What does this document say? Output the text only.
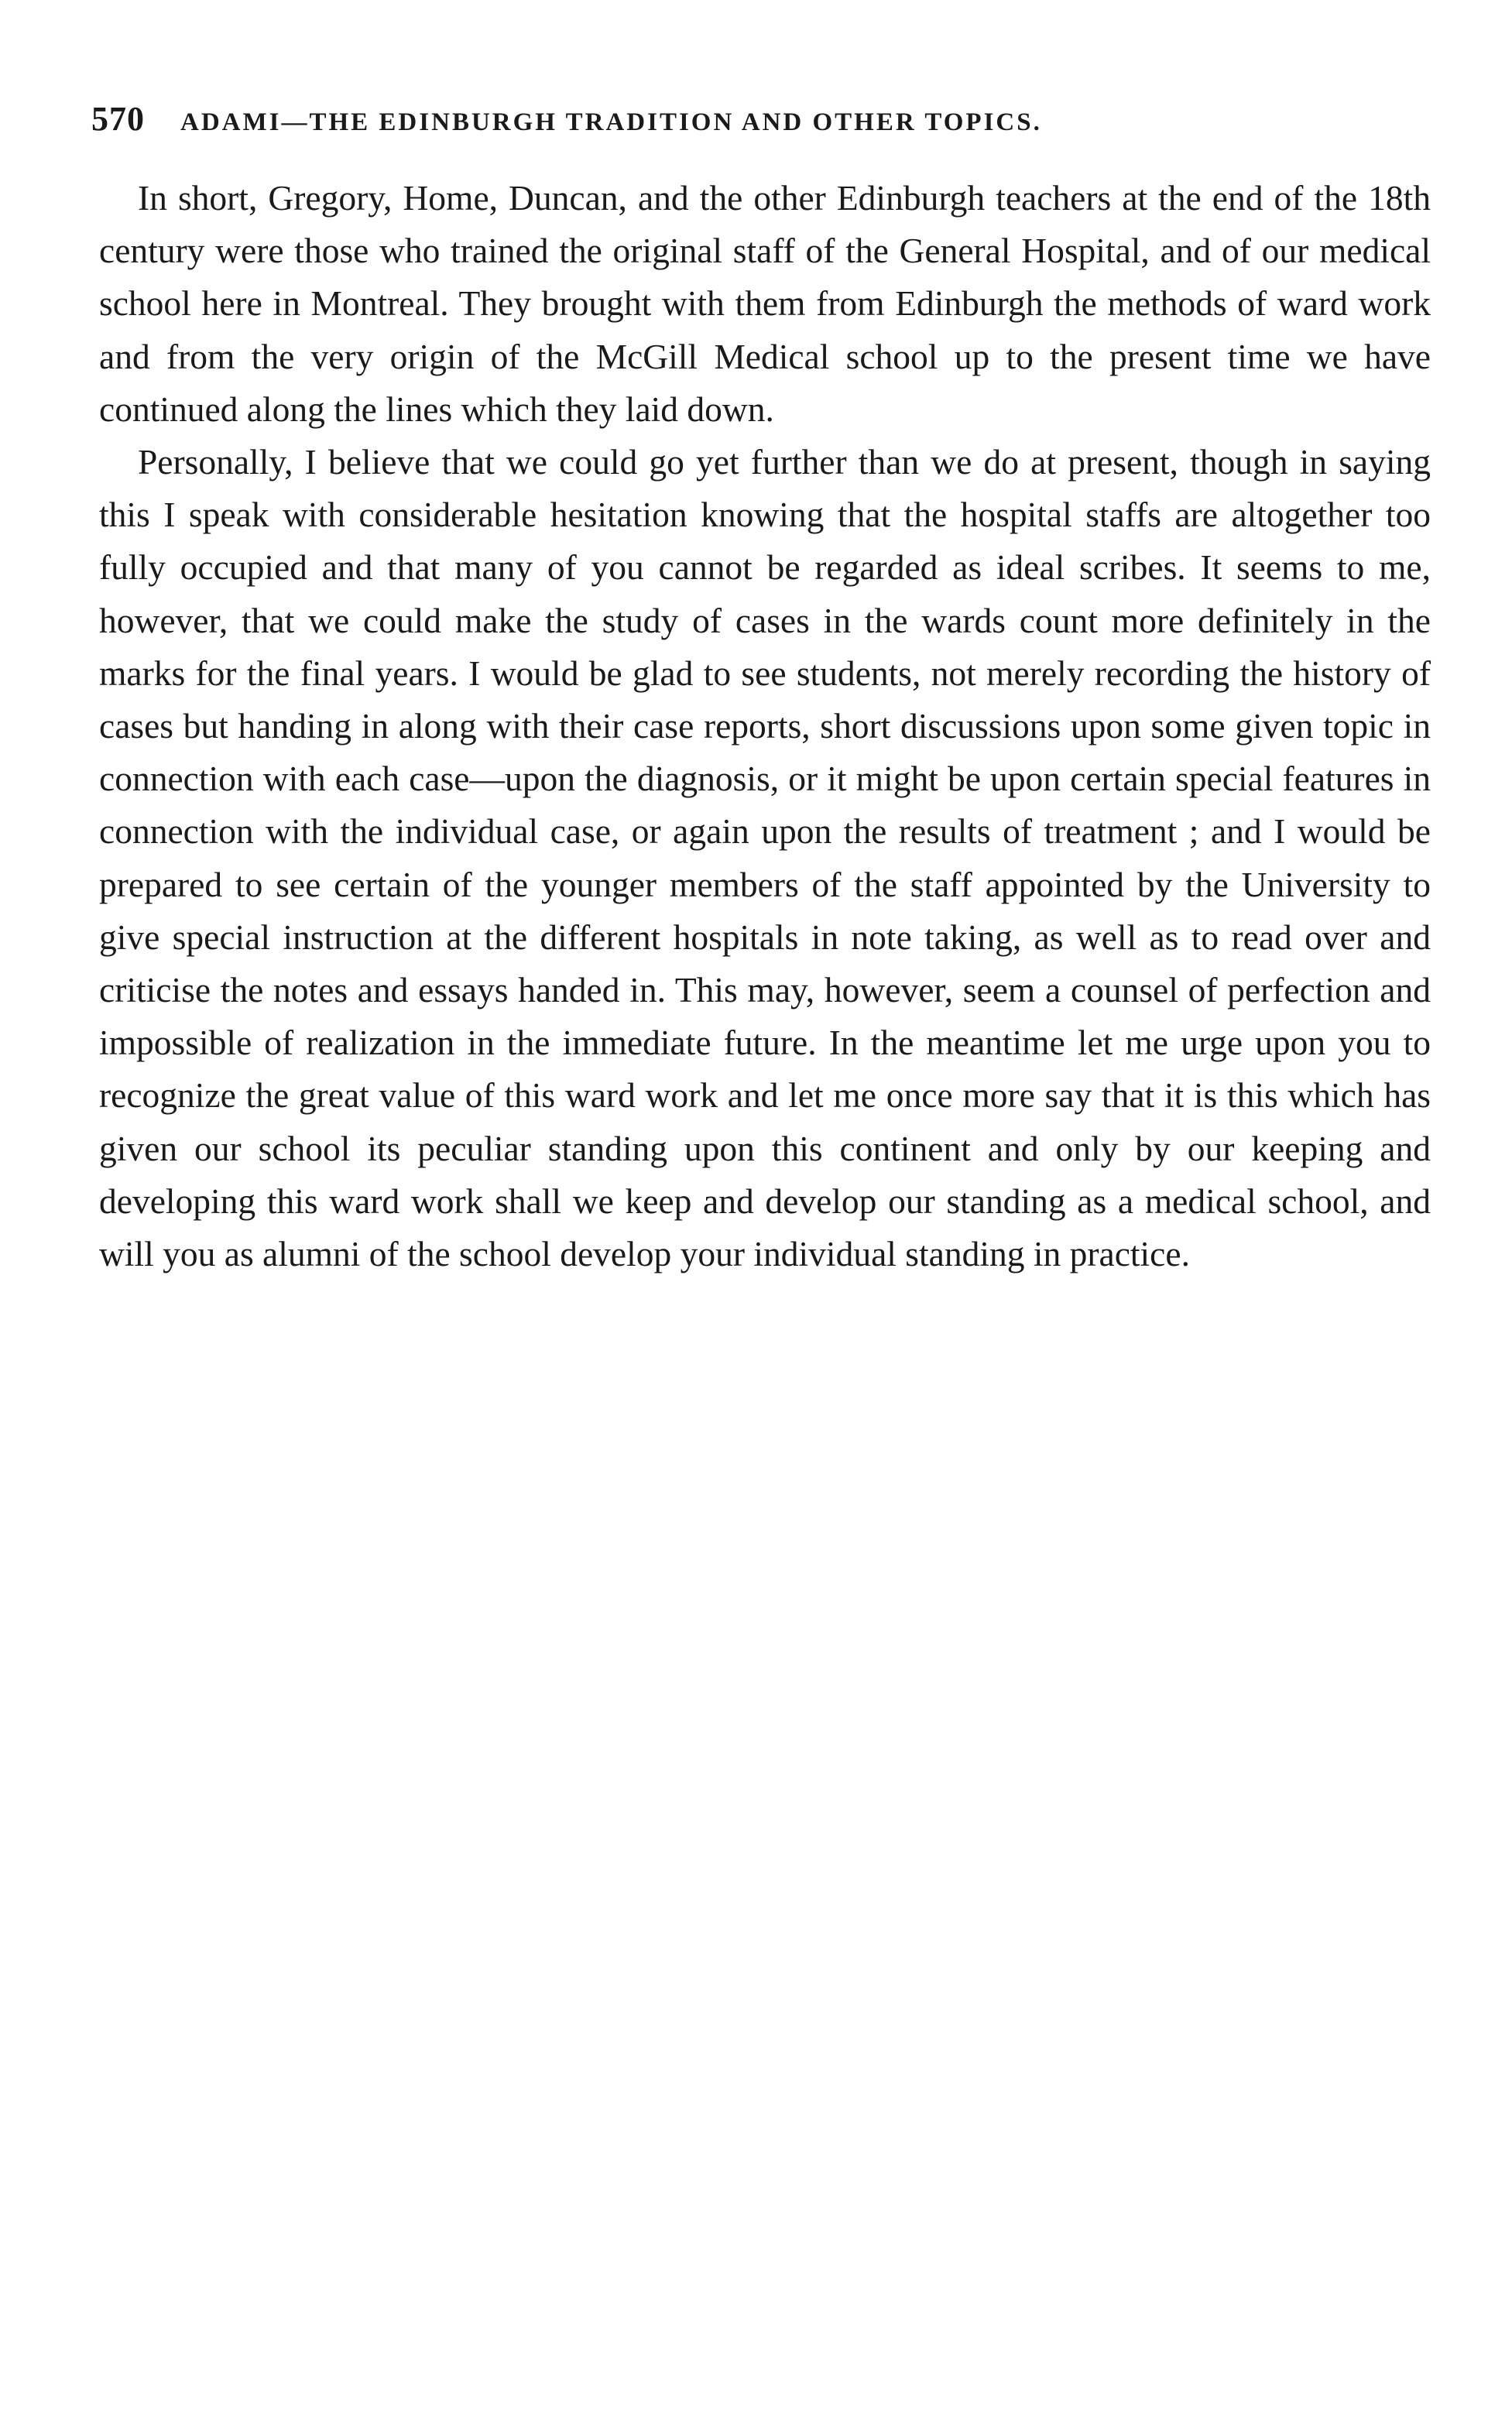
570 ADAMI—THE EDINBURGH TRADITION AND OTHER TOPICS.

In short, Gregory, Home, Duncan, and the other Edinburgh teachers at the end of the 18th century were those who trained the original staff of the General Hospital, and of our medical school here in Montreal. They brought with them from Edinburgh the methods of ward work and from the very origin of the McGill Medical school up to the present time we have continued along the lines which they laid down.

Personally, I believe that we could go yet further than we do at present, though in saying this I speak with considerable hesitation knowing that the hospital staffs are altogether too fully occupied and that many of you cannot be regarded as ideal scribes. It seems to me, however, that we could make the study of cases in the wards count more definitely in the marks for the final years. I would be glad to see students, not merely recording the history of cases but handing in along with their case reports, short discussions upon some given topic in connection with each case—upon the diagnosis, or it might be upon certain special features in connection with the individual case, or again upon the results of treatment ; and I would be prepared to see certain of the younger members of the staff appointed by the University to give special instruction at the different hospitals in note taking, as well as to read over and criticise the notes and essays handed in. This may, however, seem a counsel of perfection and impossible of realization in the immediate future. In the meantime let me urge upon you to recognize the great value of this ward work and let me once more say that it is this which has given our school its peculiar standing upon this continent and only by our keeping and developing this ward work shall we keep and develop our standing as a medical school, and will you as alumni of the school develop your individual standing in practice.
